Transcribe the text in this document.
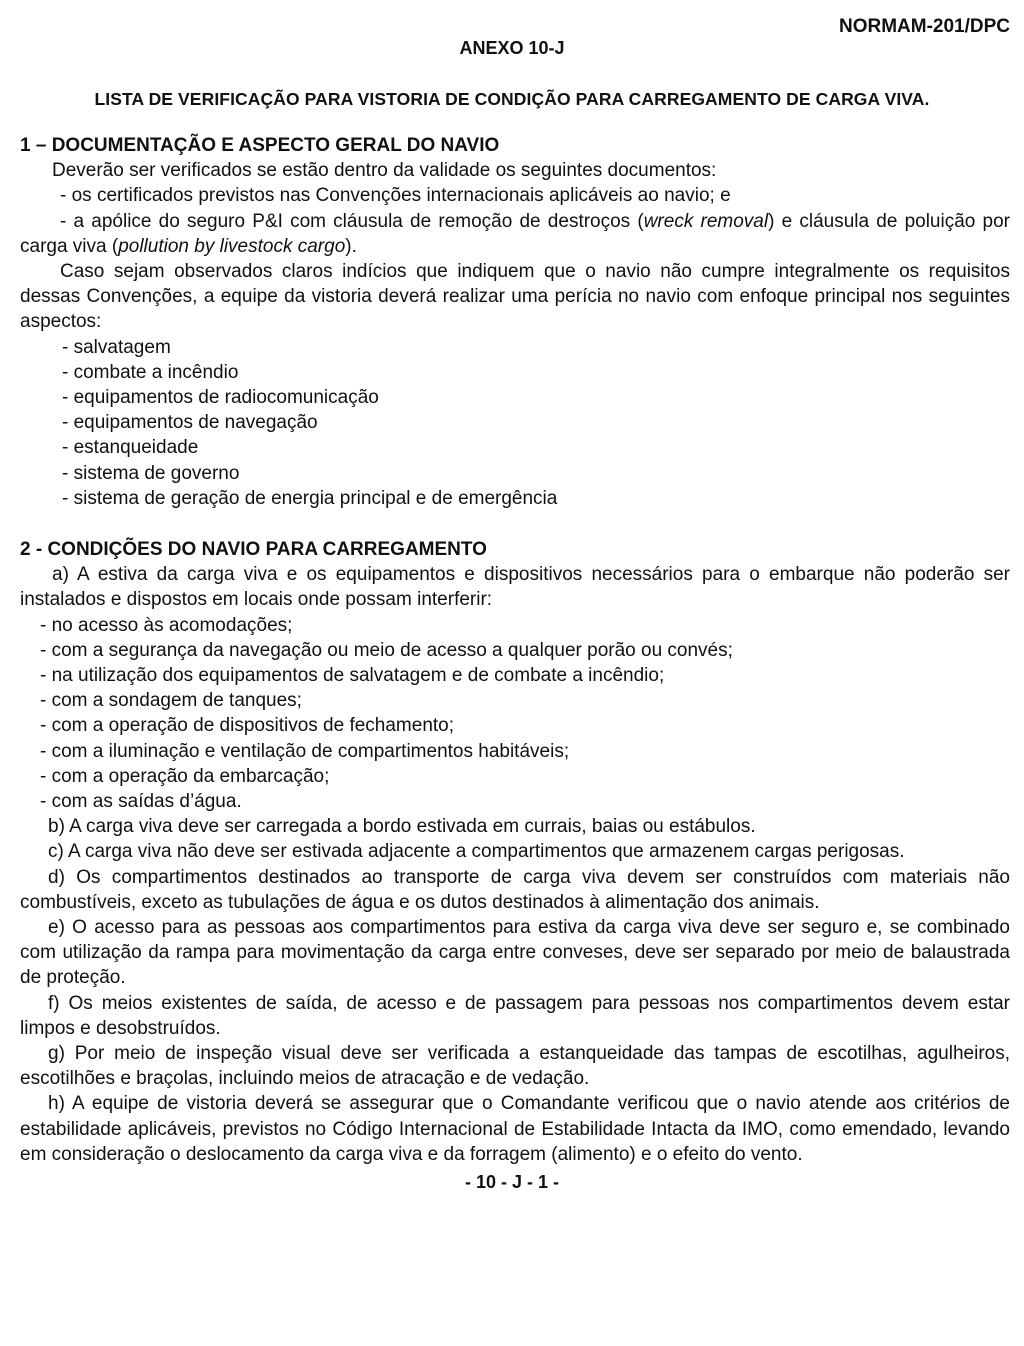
NORMAM-201/DPC
ANEXO 10-J
LISTA DE VERIFICAÇÃO PARA VISTORIA DE CONDIÇÃO PARA CARREGAMENTO DE CARGA VIVA.

1 – DOCUMENTAÇÃO E ASPECTO GERAL DO NAVIO

Deverão ser verificados se estão dentro da validade os seguintes documentos:

- os certificados previstos nas Convenções internacionais aplicáveis ao navio; e

- a apólice do seguro P&I com cláusula de remoção de destroços (wreck removal) e cláusula de poluição por carga viva (pollution by livestock cargo).

Caso sejam observados claros indícios que indiquem que o navio não cumpre integralmente os requisitos dessas Convenções, a equipe da vistoria deverá realizar uma perícia no navio com enfoque principal nos seguintes aspectos:

- salvatagem

- combate a incêndio

- equipamentos de radiocomunicação

- equipamentos de navegação

- estanqueidade

- sistema de governo

- sistema de geração de energia principal e de emergência

2 - CONDIÇÕES DO NAVIO PARA CARREGAMENTO

a) A estiva da carga viva e os equipamentos e dispositivos necessários para o embarque não poderão ser instalados e dispostos em locais onde possam interferir:

- no acesso às acomodações;

- com a segurança da navegação ou meio de acesso a qualquer porão ou convés;

- na utilização dos equipamentos de salvatagem e de combate a incêndio;

- com a sondagem de tanques;

- com a operação de dispositivos de fechamento;

- com a iluminação e ventilação de compartimentos habitáveis;

- com a operação da embarcação;

- com as saídas d’água.

b) A carga viva deve ser carregada a bordo estivada em currais, baias ou estábulos.

c) A carga viva não deve ser estivada adjacente a compartimentos que armazenem cargas perigosas.

d) Os compartimentos destinados ao transporte de carga viva devem ser construídos com materiais não combustíveis, exceto as tubulações de água e os dutos destinados à alimentação dos animais.

e) O acesso para as pessoas aos compartimentos para estiva da carga viva deve ser seguro e, se combinado com utilização da rampa para movimentação da carga entre conveses, deve ser separado por meio de balaustrada de proteção.

f) Os meios existentes de saída, de acesso e de passagem para pessoas nos compartimentos devem estar limpos e desobstruídos.

g) Por meio de inspeção visual deve ser verificada a estanqueidade das tampas de escotilhas, agulheiros, escotilhões e braçolas, incluindo meios de atracação e de vedação.

h) A equipe de vistoria deverá se assegurar que o Comandante verificou que o navio atende aos critérios de estabilidade aplicáveis, previstos no Código Internacional de Estabilidade Intacta da IMO, como emendado, levando em consideração o deslocamento da carga viva e da forragem (alimento) e o efeito do vento.

- 10 - J - 1 -
